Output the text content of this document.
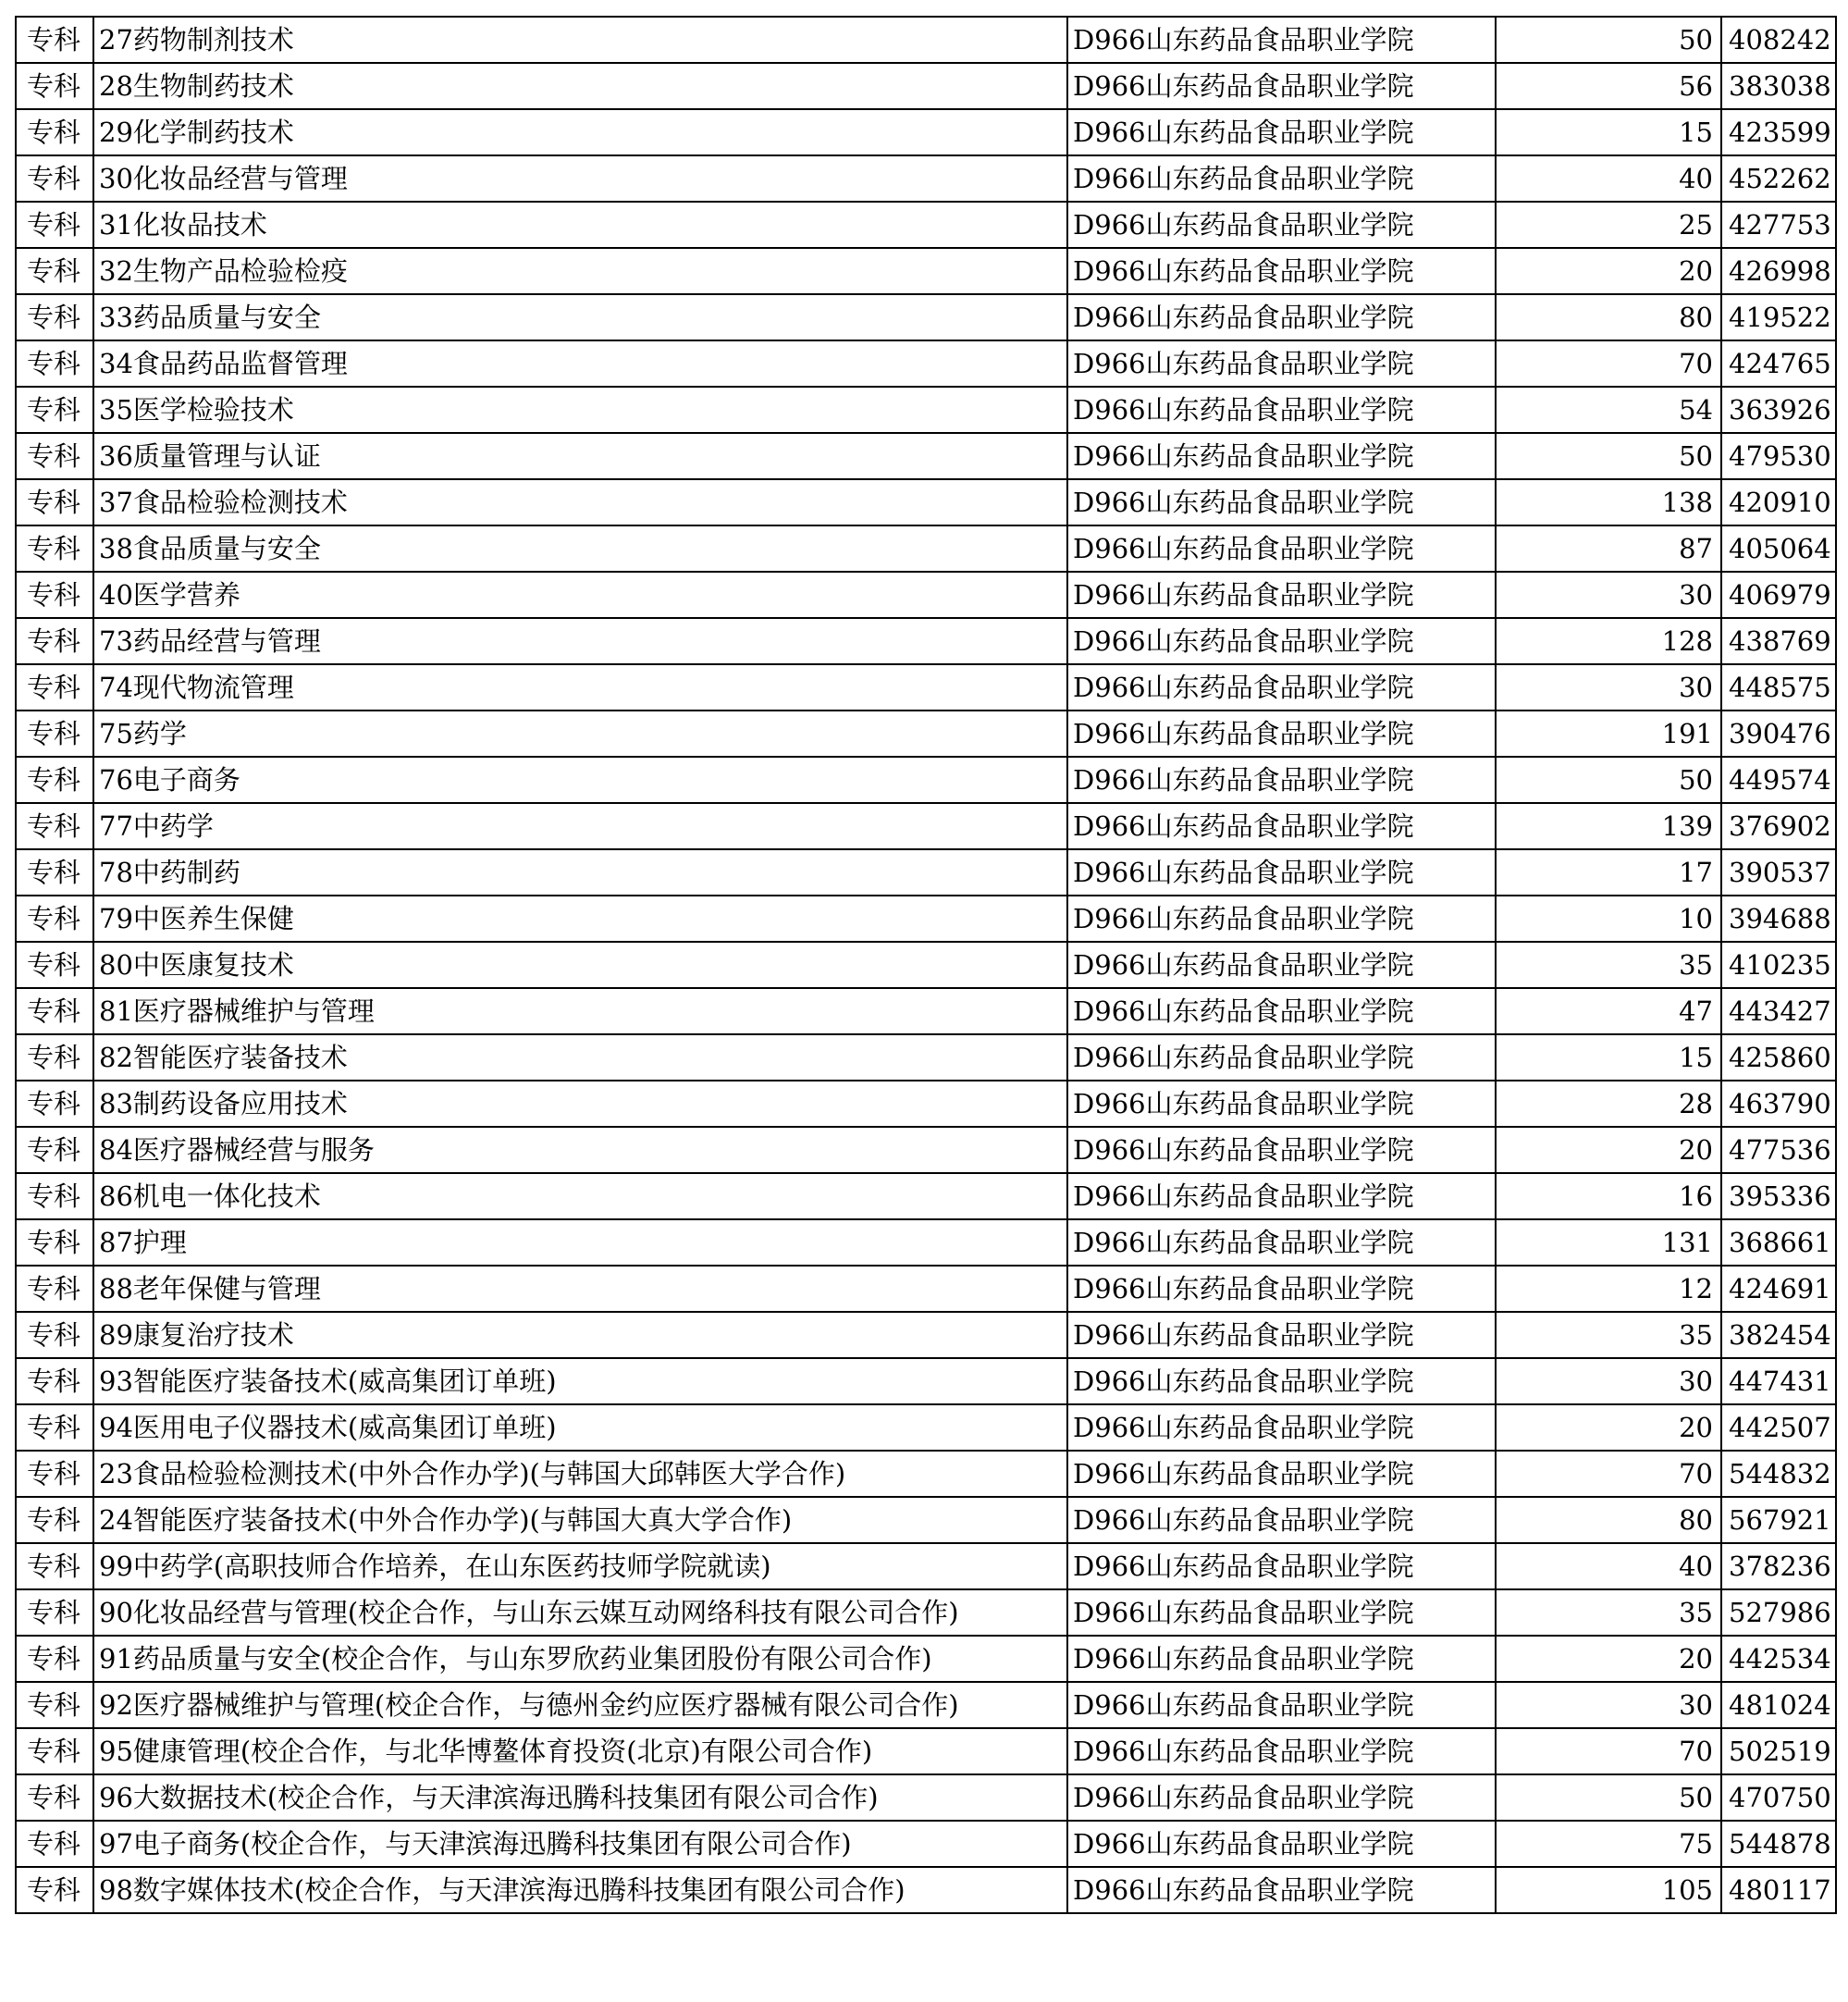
专科	27药物制剂技术	D966山东药品食品职业学院	50	408242
专科	28生物制药技术	D966山东药品食品职业学院	56	383038
专科	29化学制药技术	D966山东药品食品职业学院	15	423599
专科	30化妆品经营与管理	D966山东药品食品职业学院	40	452262
专科	31化妆品技术	D966山东药品食品职业学院	25	427753
专科	32生物产品检验检疫	D966山东药品食品职业学院	20	426998
专科	33药品质量与安全	D966山东药品食品职业学院	80	419522
专科	34食品药品监督管理	D966山东药品食品职业学院	70	424765
专科	35医学检验技术	D966山东药品食品职业学院	54	363926
专科	36质量管理与认证	D966山东药品食品职业学院	50	479530
专科	37食品检验检测技术	D966山东药品食品职业学院	138	420910
专科	38食品质量与安全	D966山东药品食品职业学院	87	405064
专科	40医学营养	D966山东药品食品职业学院	30	406979
专科	73药品经营与管理	D966山东药品食品职业学院	128	438769
专科	74现代物流管理	D966山东药品食品职业学院	30	448575
专科	75药学	D966山东药品食品职业学院	191	390476
专科	76电子商务	D966山东药品食品职业学院	50	449574
专科	77中药学	D966山东药品食品职业学院	139	376902
专科	78中药制药	D966山东药品食品职业学院	17	390537
专科	79中医养生保健	D966山东药品食品职业学院	10	394688
专科	80中医康复技术	D966山东药品食品职业学院	35	410235
专科	81医疗器械维护与管理	D966山东药品食品职业学院	47	443427
专科	82智能医疗装备技术	D966山东药品食品职业学院	15	425860
专科	83制药设备应用技术	D966山东药品食品职业学院	28	463790
专科	84医疗器械经营与服务	D966山东药品食品职业学院	20	477536
专科	86机电一体化技术	D966山东药品食品职业学院	16	395336
专科	87护理	D966山东药品食品职业学院	131	368661
专科	88老年保健与管理	D966山东药品食品职业学院	12	424691
专科	89康复治疗技术	D966山东药品食品职业学院	35	382454
专科	93智能医疗装备技术(威高集团订单班)	D966山东药品食品职业学院	30	447431
专科	94医用电子仪器技术(威高集团订单班)	D966山东药品食品职业学院	20	442507
专科	23食品检验检测技术(中外合作办学)(与韩国大邱韩医大学合作)	D966山东药品食品职业学院	70	544832
专科	24智能医疗装备技术(中外合作办学)(与韩国大真大学合作)	D966山东药品食品职业学院	80	567921
专科	99中药学(高职技师合作培养，在山东医药技师学院就读)	D966山东药品食品职业学院	40	378236
专科	90化妆品经营与管理(校企合作，与山东云媒互动网络科技有限公司合作)	D966山东药品食品职业学院	35	527986
专科	91药品质量与安全(校企合作，与山东罗欣药业集团股份有限公司合作)	D966山东药品食品职业学院	20	442534
专科	92医疗器械维护与管理(校企合作，与德州金约应医疗器械有限公司合作)	D966山东药品食品职业学院	30	481024
专科	95健康管理(校企合作，与北华博鳌体育投资(北京)有限公司合作)	D966山东药品食品职业学院	70	502519
专科	96大数据技术(校企合作，与天津滨海迅腾科技集团有限公司合作)	D966山东药品食品职业学院	50	470750
专科	97电子商务(校企合作，与天津滨海迅腾科技集团有限公司合作)	D966山东药品食品职业学院	75	544878
专科	98数字媒体技术(校企合作，与天津滨海迅腾科技集团有限公司合作)	D966山东药品食品职业学院	105	480117
